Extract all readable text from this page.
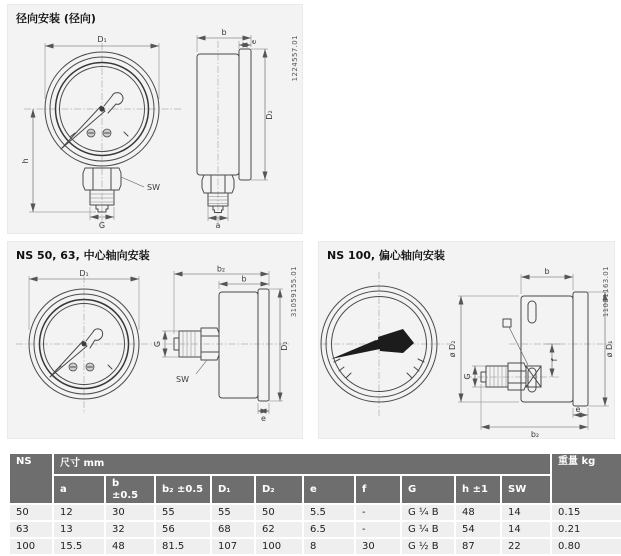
径向安装 (径向)
1224557.01
D₁
h
G
SW
b
e
D₂
a
NS 50, 63, 中心轴向安装
31059155.01
D₁	b₂
b
G
SW
D₂
e
NS 100, 偏心轴向安装
11081163.01
b
ø D₂
G
f
ø D₁
e
b₂
NS	尺寸 mm										重量 kg
	a	b ±0.5	b₂ ±0.5	D₁	D₂	e	f	G	h ±1	SW	
50	12	30	55	55	50	5.5	-	G ¼ B	48	14	0.15
63	13	32	56	68	62	6.5	-	G ¼ B	54	14	0.21
100	15.5	48	81.5	107	100	8	30	G ½ B	87	22	0.80
